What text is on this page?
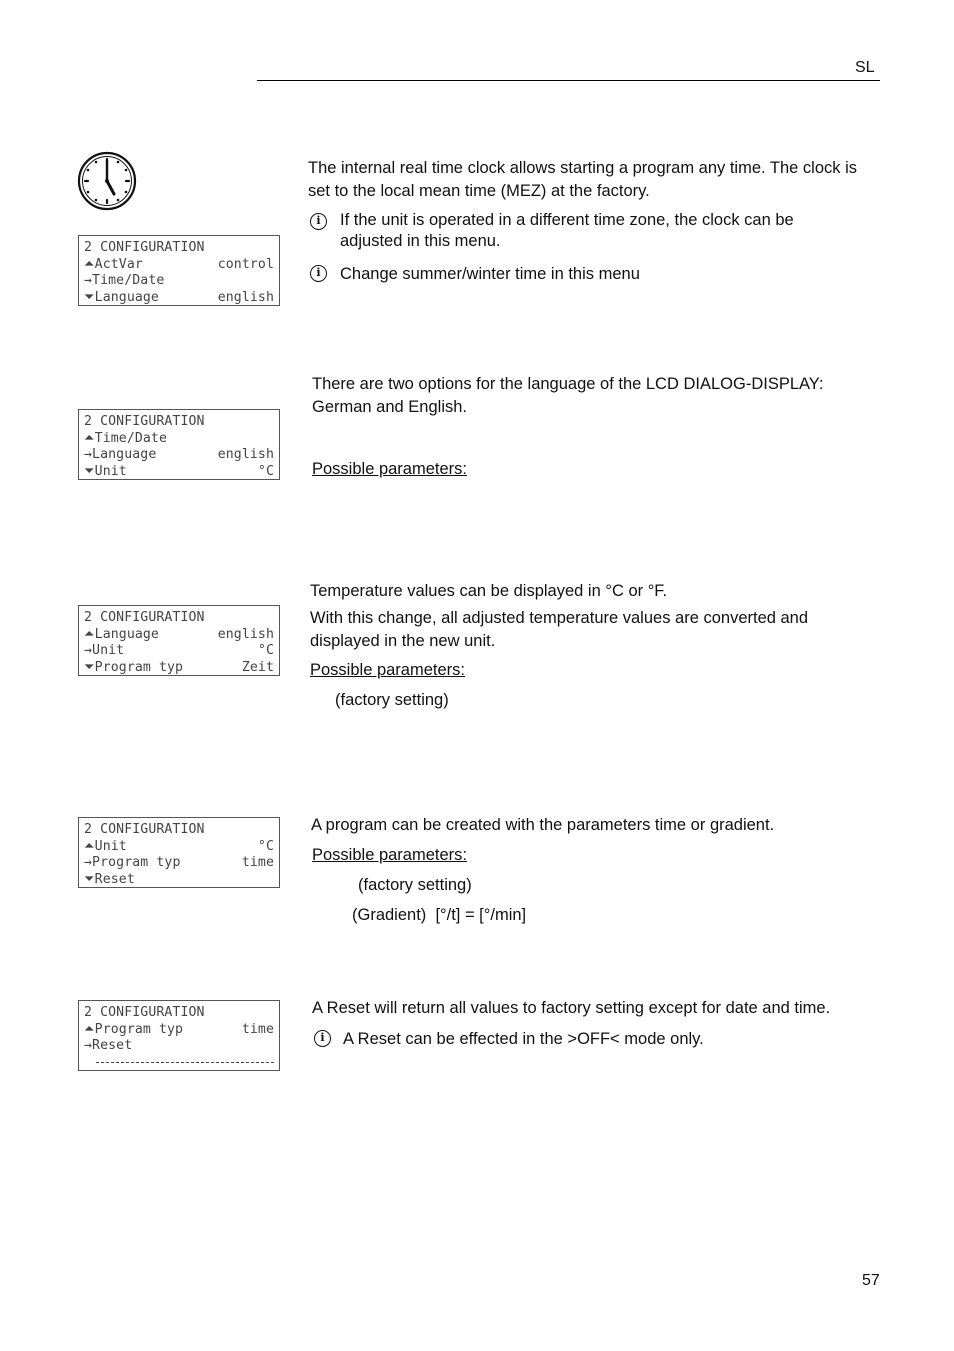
SL
2 CONFIGURATION
⏶ActVar	control
→Time/Date
⏷Language	english
The internal real time clock allows starting a program any time. The clock is set to the local mean time (MEZ) at the factory.
i	If the unit is operated in a different time zone, the clock can be adjusted in this menu.
i	Change summer/winter time in this menu
2 CONFIGURATION
⏶Time/Date
→Language	english
⏷Unit	°C
There are two options for the language of the LCD DIALOG-DISPLAY: German and English.
Possible parameters:
2 CONFIGURATION
⏶Language	english
→Unit	°C
⏷Program typ	Zeit
Temperature values can be displayed in °C or °F.
With this change, all adjusted temperature values are converted and displayed in the new unit.
Possible parameters:
(factory setting)
2 CONFIGURATION
⏶Unit	°C
→Program typ	time
⏷Reset
A program can be created with the parameters time or gradient.
Possible parameters:
(factory setting)
(Gradient)  [°/t] = [°/min]
2 CONFIGURATION
⏶Program typ	time
→Reset
A Reset will return all values to factory setting except for date and time.
i	A Reset can be effected in the >OFF< mode only.
57
